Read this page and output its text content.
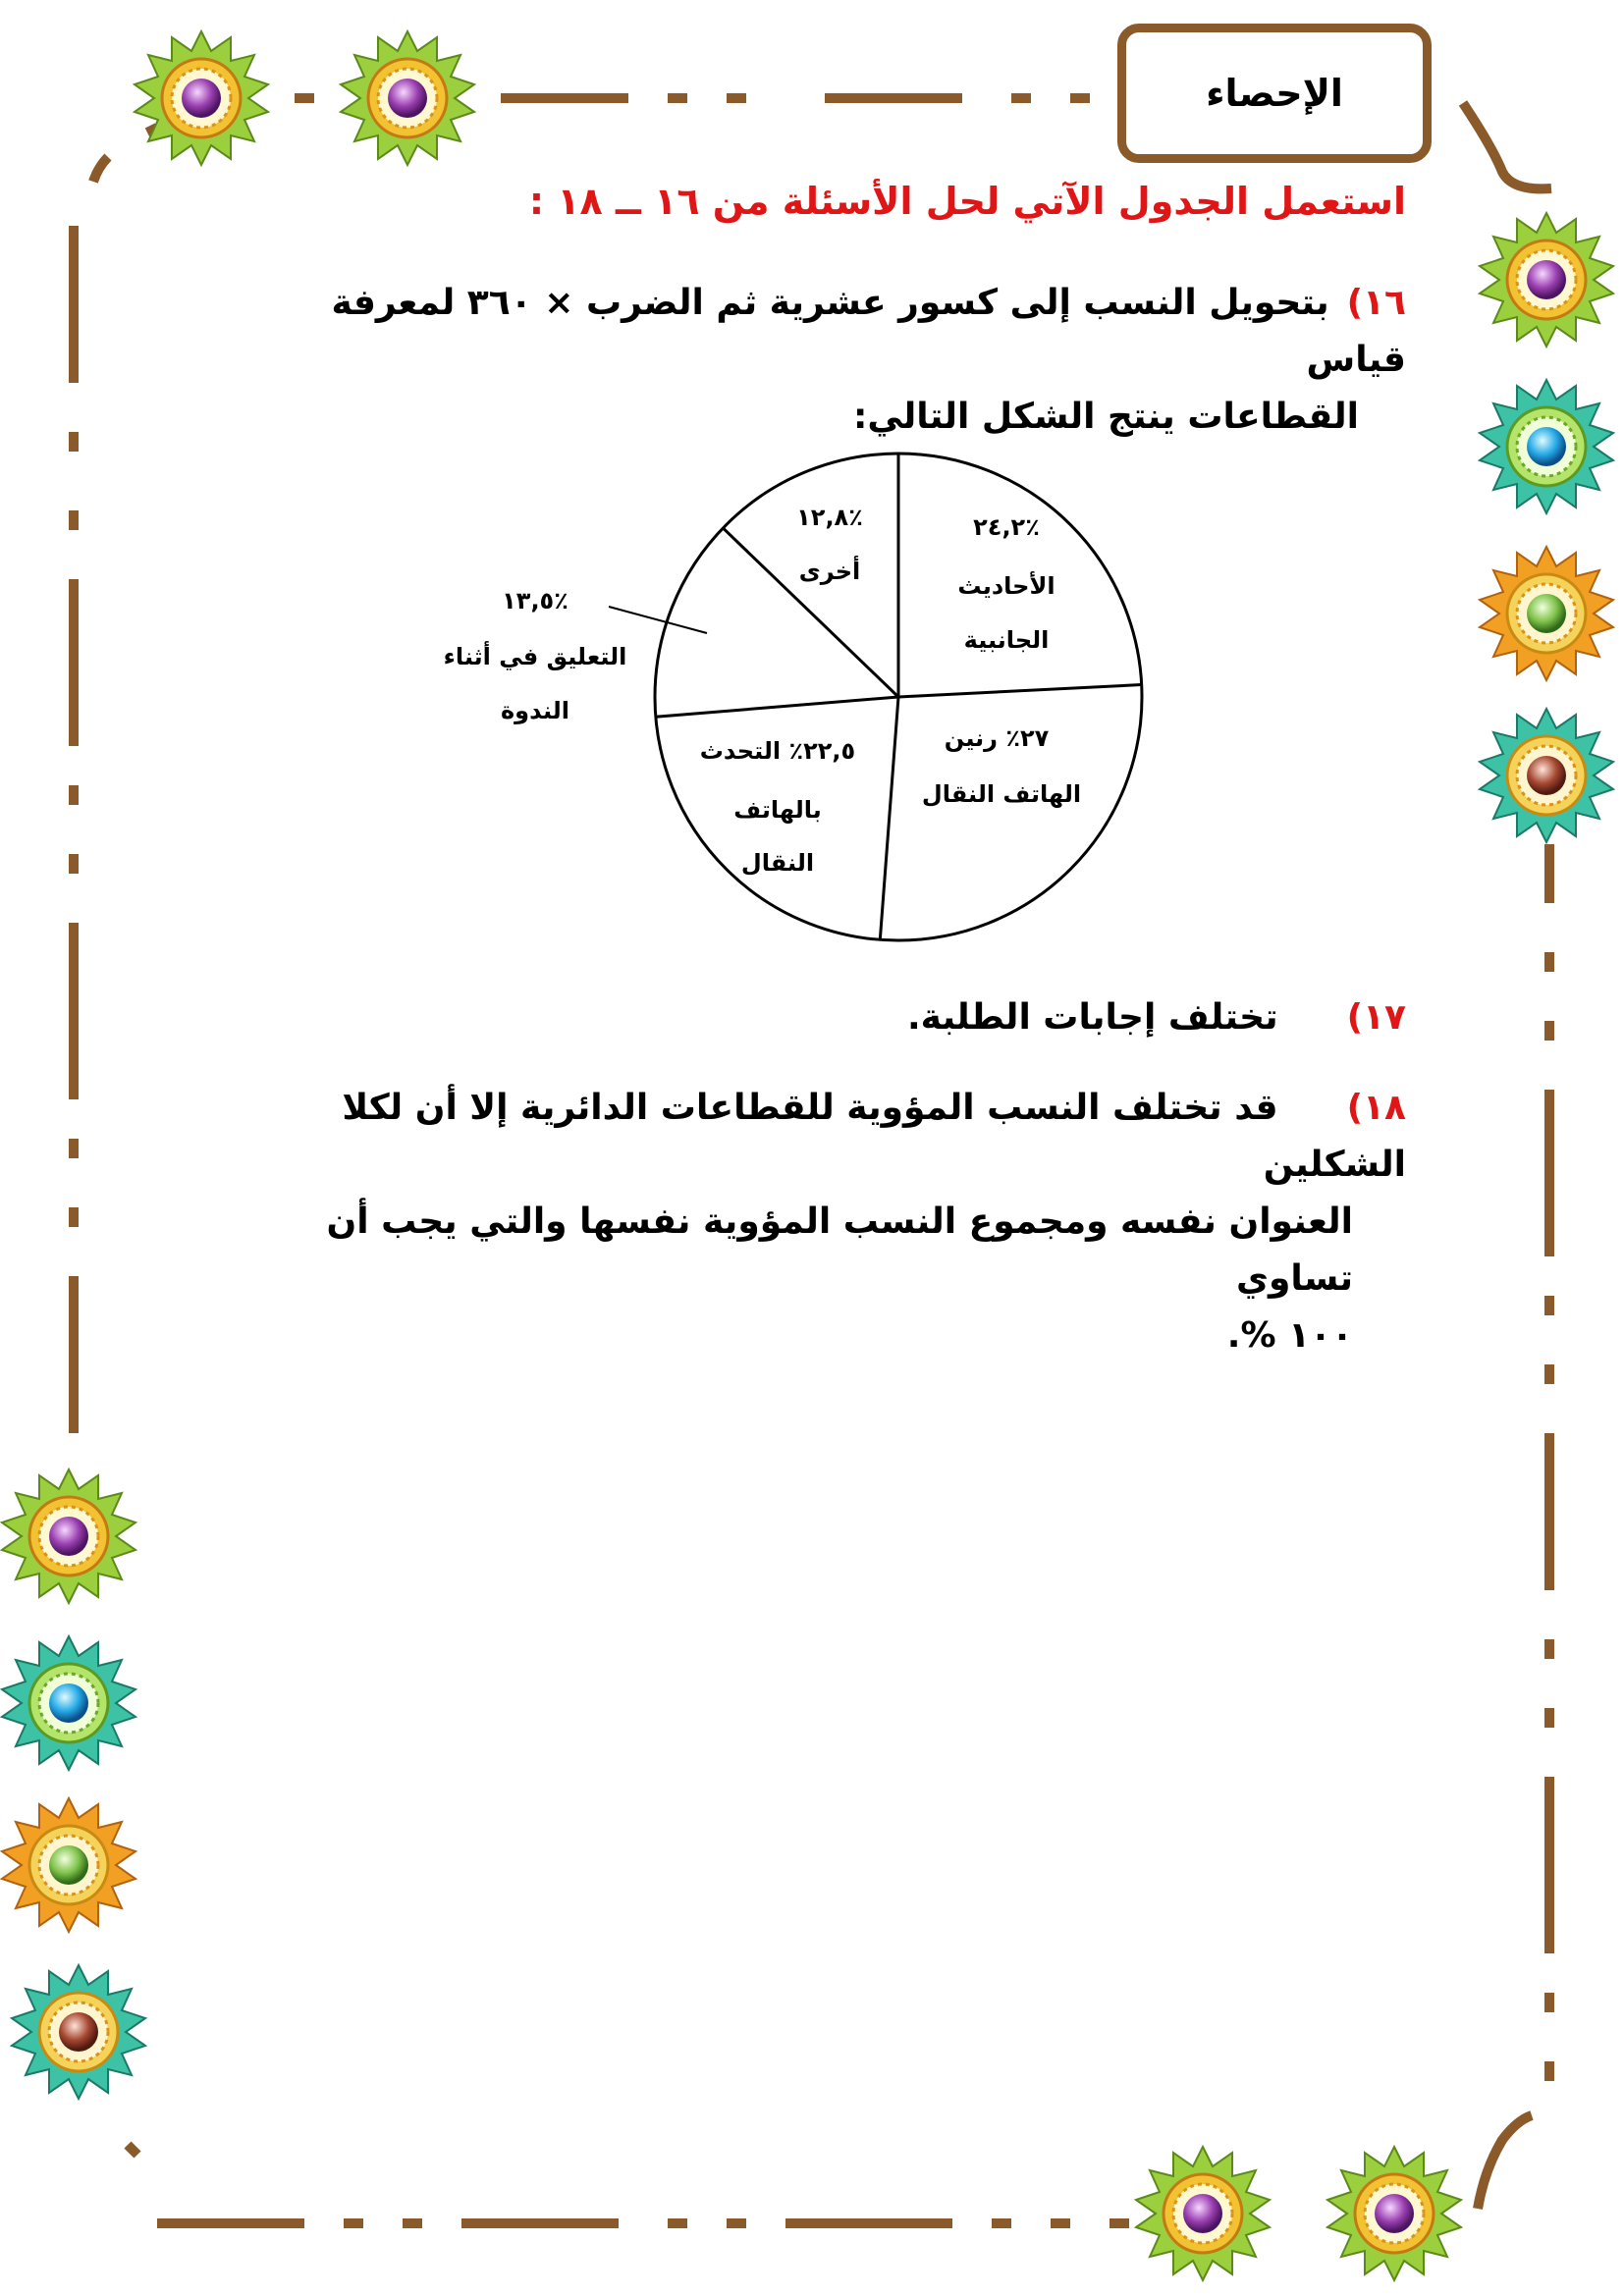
الإحصاء
استعمل الجدول الآتي لحل الأسئلة من ١٦ ــ ١٨ :
١٦)بتحويل النسب إلى كسور عشرية ثم الضرب × ٣٦٠ لمعرفة قياس
القطاعات ينتج الشكل التالي:
٢٤,٢٪
الأحاديث
الجانبية
٢٧٪ رنين
الهاتف النقال
٢٢,٥٪ التحدث
بالهاتف
النقال
١٣,٥٪
التعليق في أثناء
الندوة
١٢,٨٪
أخرى
١٧)تختلف إجابات الطلبة.
١٨)قد تختلف النسب المؤوية للقطاعات الدائرية إلا أن لكلا الشكلين
العنوان نفسه ومجموع النسب المؤوية نفسها والتي يجب أن تساوي
١٠٠ %.
